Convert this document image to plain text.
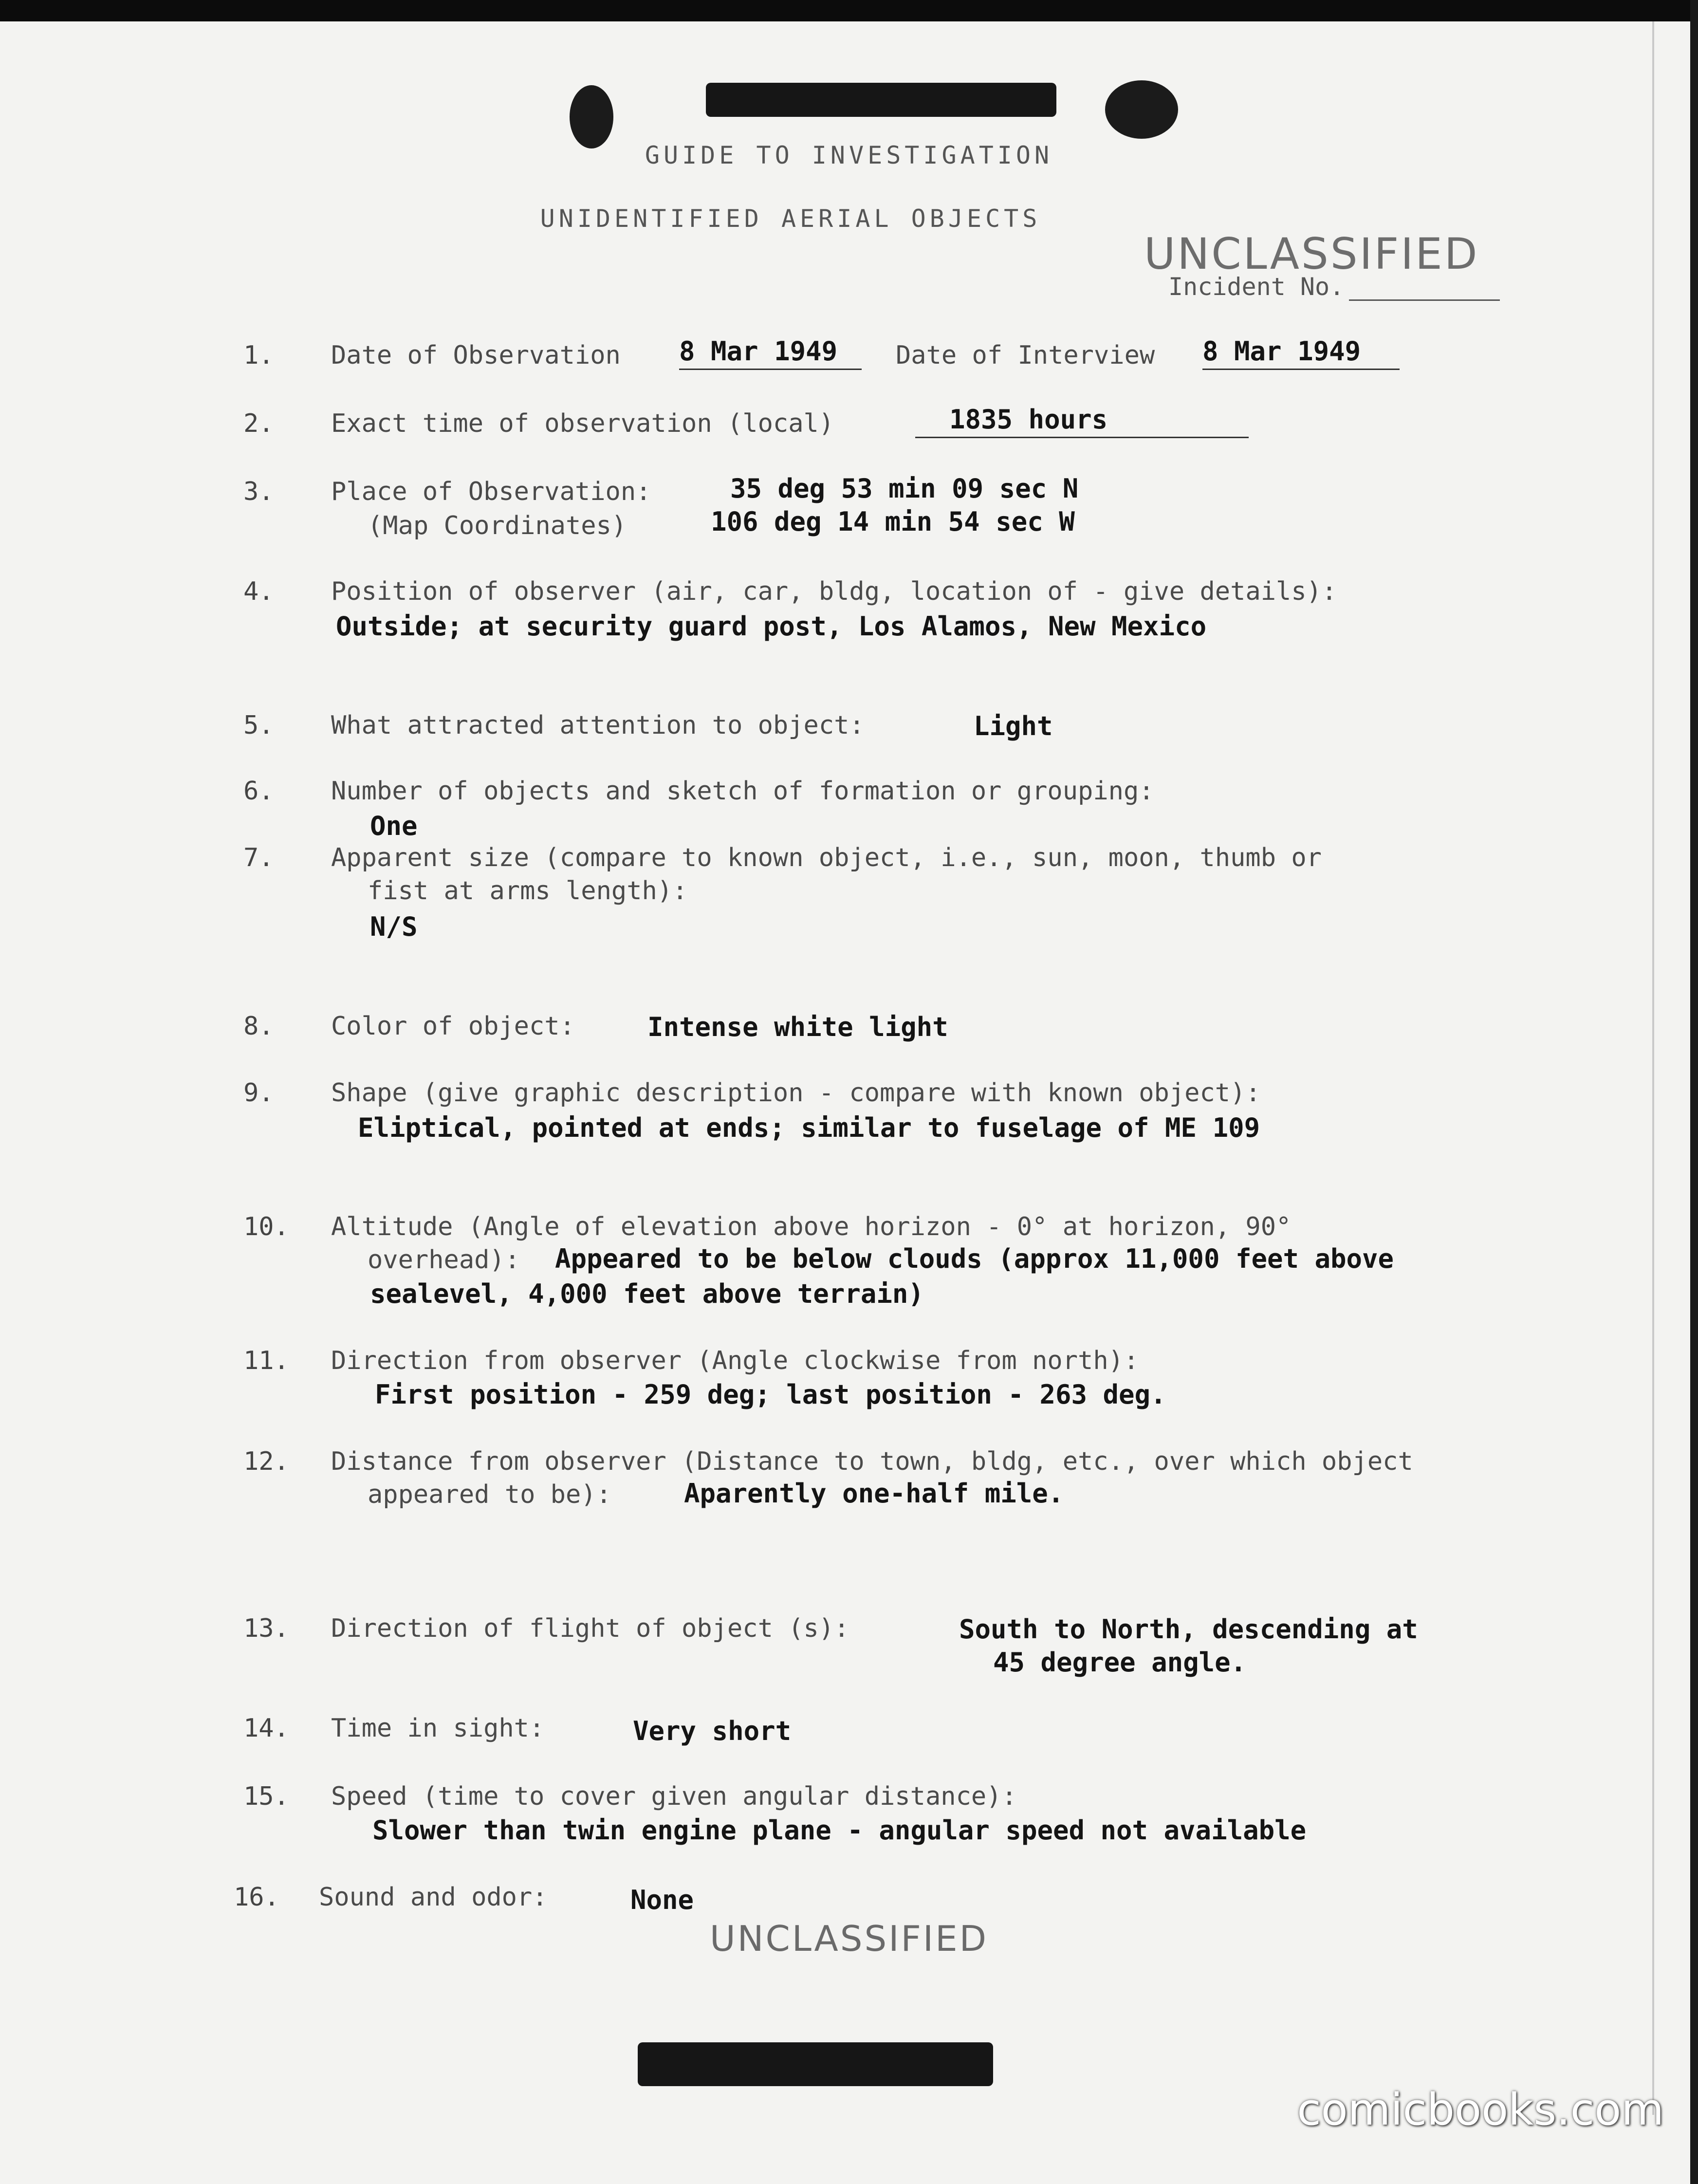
GUIDE TO INVESTIGATION
UNIDENTIFIED AERIAL OBJECTS
UNCLASSIFIED
Incident No.
1. Date of Observation 8 Mar 1949	Date of Interview 8 Mar 1949
2. Exact time of observation (local)	1835 hours
3. Place of Observation:	35 deg 53 min 09 sec N
(Map Coordinates)	106 deg 14 min 54 sec W
4. Position of observer (air, car, bldg, location of - give details):
Outside; at security guard post, Los Alamos, New Mexico
5. What attracted attention to object:	Light
6. Number of objects and sketch of formation or grouping:
One
7. Apparent size (compare to known object, i.e., sun, moon, thumb or
fist at arms length):
N/S
8. Color of object:	Intense white light
9. Shape (give graphic description - compare with known object):
Eliptical, pointed at ends; similar to fuselage of ME 109
10. Altitude (Angle of elevation above horizon - 0° at horizon, 90°
overhead): Appeared to be below clouds (approx 11,000 feet above
sealevel, 4,000 feet above terrain)
11. Direction from observer (Angle clockwise from north):
First position - 259 deg; last position - 263 deg.
12. Distance from observer (Distance to town, bldg, etc., over which object
appeared to be):	Aparently one-half mile.
13. Direction of flight of object (s):	South to North, descending at
45 degree angle.
14. Time in sight:	Very short
15. Speed (time to cover given angular distance):
Slower than twin engine plane - angular speed not available
16. Sound and odor:	None
UNCLASSIFIED
comicbooks.com
